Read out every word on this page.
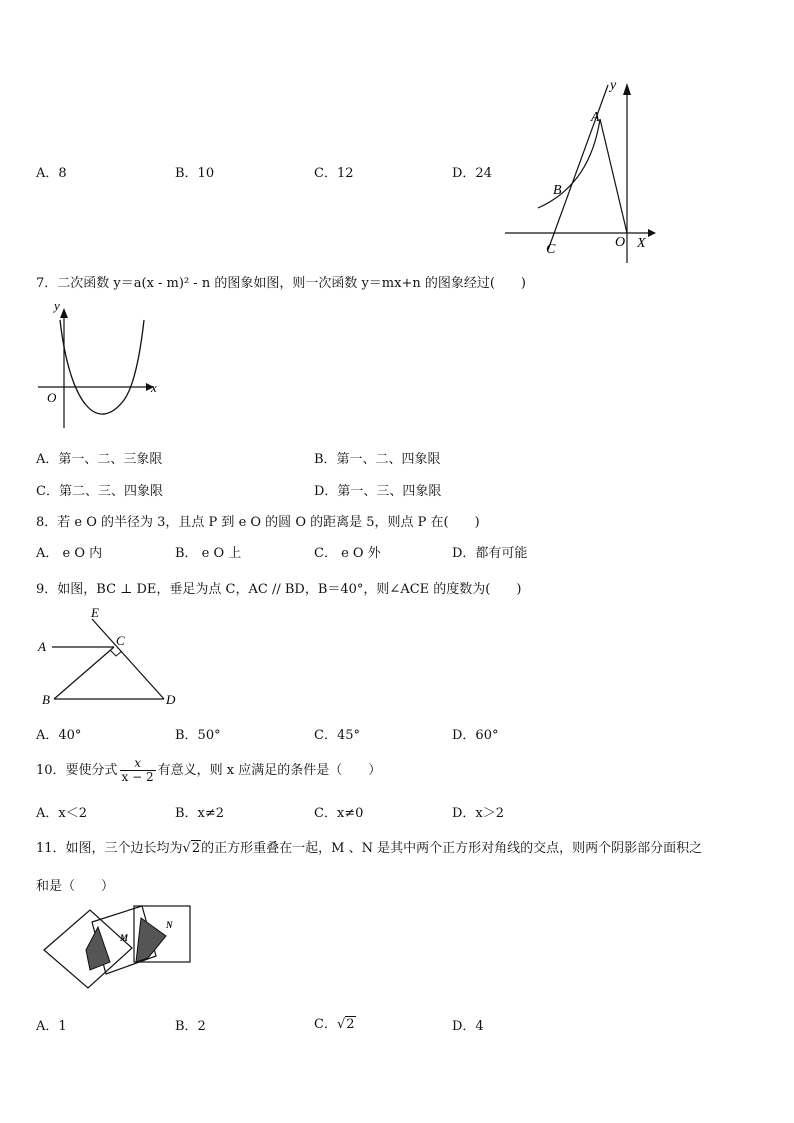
A．8	B．10	C．12	D．24
y
A
B
C	O X
7．二次函数 y＝a(x - m)² - n 的图象如图，则一次函数 y＝mx+n 的图象经过(　　)
y
x
O
A．第一、二、三象限	B．第一、二、四象限
C．第二、三、四象限	D．第一、三、四象限
8．若 e O 的半径为 3，且点 P 到 e O 的圆 O 的距离是 5，则点 P 在(　　)
A． e O 内	B． e O 上	C． e O 外	D．都有可能
9．如图，BC ⊥ DE，垂足为点 C，AC // BD，B＝40°，则∠ACE 的度数为(　　)
E
A	C
B	D
A．40°	B．50°	C．45°	D．60°
10．要使分式 $\frac{x}{x - 2}$ 有意义，则 x 应满足的条件是（　　）
A．x＜2	B．x≠2	C．x≠0	D．x＞2
11．如图，三个边长均为√2的正方形重叠在一起，M 、N 是其中两个正方形对角线的交点，则两个阴影部分面积之
和是（　　）
M
N
A．1	B．2	C．√2	D．4
